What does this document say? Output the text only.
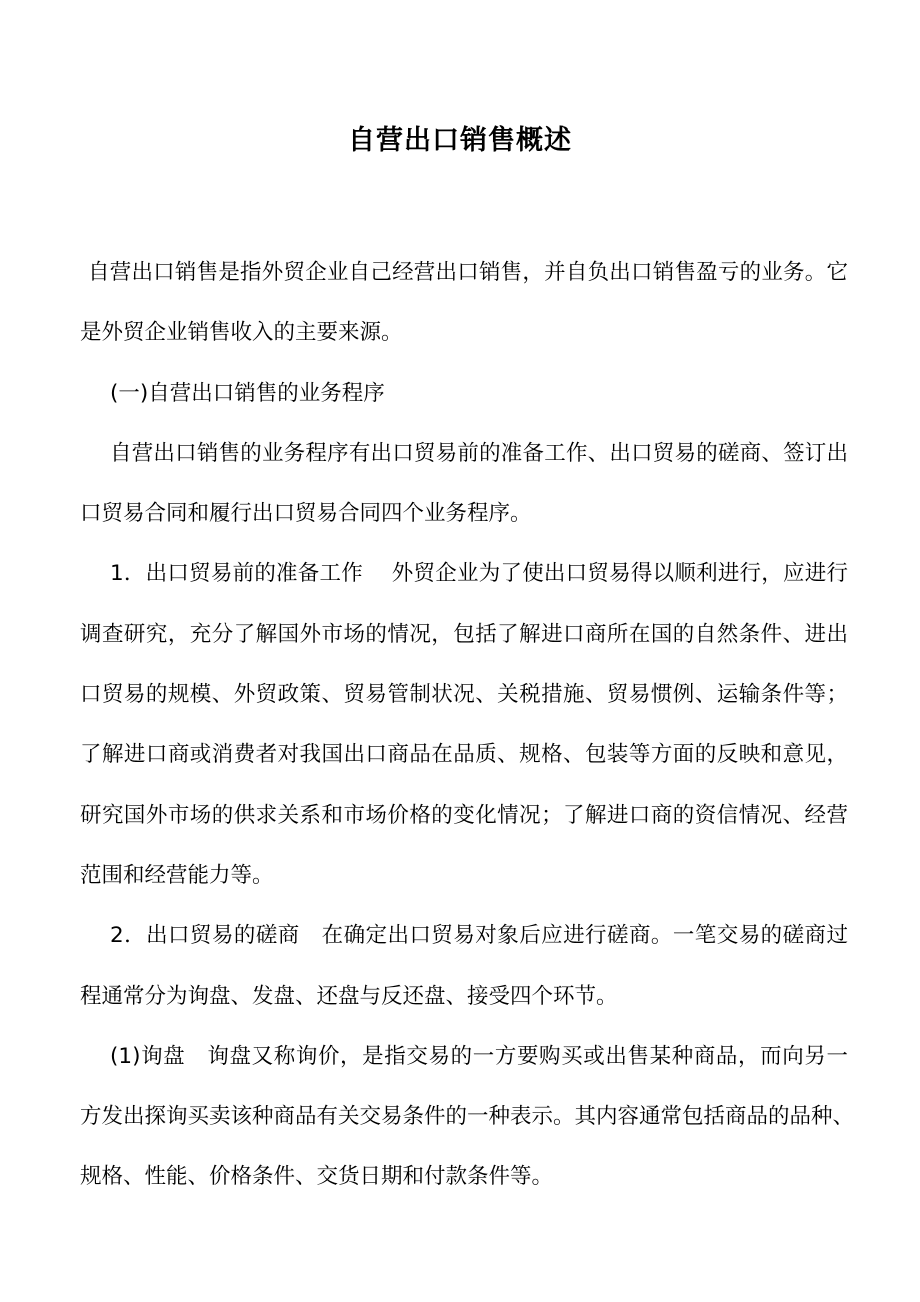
自营出口销售概述
自营出口销售是指外贸企业自己经营出口销售，并自负出口销售盈亏的业务。它
是外贸企业销售收入的主要来源。
(一)自营出口销售的业务程序
自营出口销售的业务程序有出口贸易前的准备工作、出口贸易的磋商、签订出
口贸易合同和履行出口贸易合同四个业务程序。
1．出口贸易前的准备工作　 外贸企业为了使出口贸易得以顺利进行，应进行
调查研究，充分了解国外市场的情况，包括了解进口商所在国的自然条件、进出
口贸易的规模、外贸政策、贸易管制状况、关税措施、贸易惯例、运输条件等；
了解进口商或消费者对我国出口商品在品质、规格、包装等方面的反映和意见，
研究国外市场的供求关系和市场价格的变化情况；了解进口商的资信情况、经营
范围和经营能力等。
2．出口贸易的磋商　在确定出口贸易对象后应进行磋商。一笔交易的磋商过
程通常分为询盘、发盘、还盘与反还盘、接受四个环节。
(1)询盘　询盘又称询价，是指交易的一方要购买或出售某种商品，而向另一
方发出探询买卖该种商品有关交易条件的一种表示。其内容通常包括商品的品种、
规格、性能、价格条件、交货日期和付款条件等。
